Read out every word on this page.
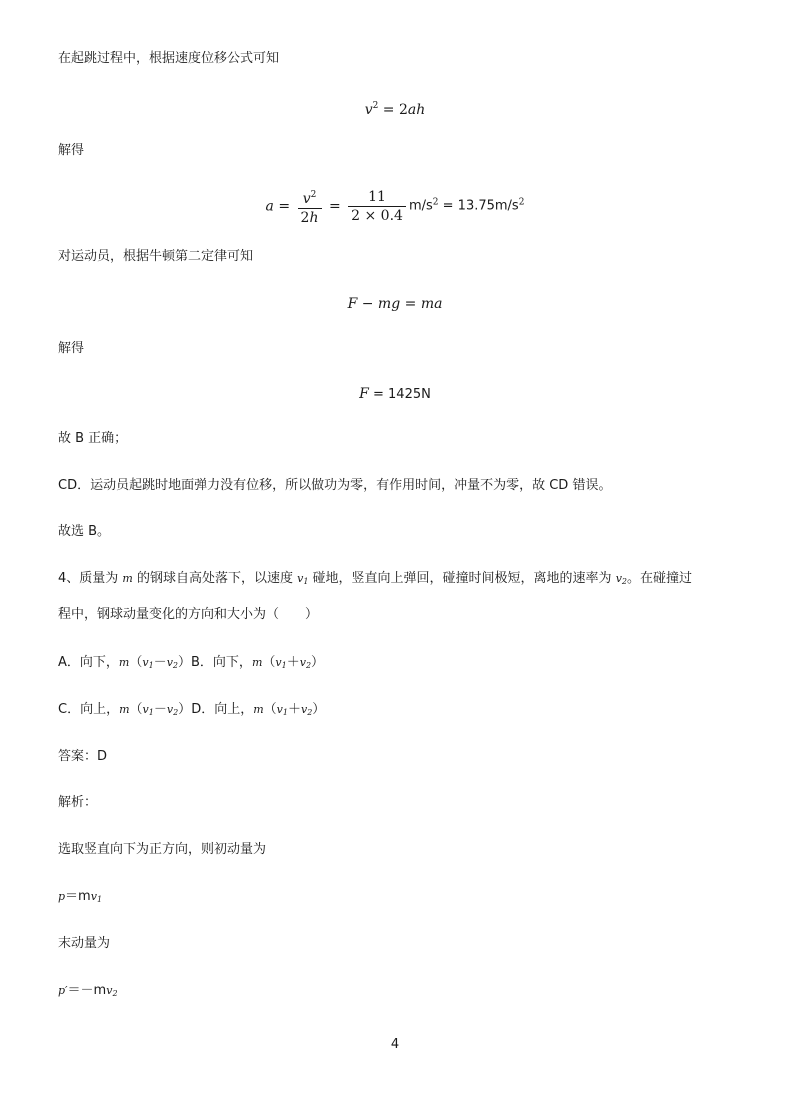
在起跳过程中，根据速度位移公式可知
$v^2 = 2ah$
解得
$a = \frac{v^2}{2h} = \frac{11}{2 \times 0.4} m/s^2 = 13.75m/s^2$
对运动员，根据牛顿第二定律可知
F − mg = ma
解得
F = 1425N
故 B 正确；
CD．运动员起跳时地面弹力没有位移，所以做功为零，有作用时间，冲量不为零，故 CD 错误。
故选 B。
4、质量为 m 的钢球自高处落下，以速度 $v_1$ 碰地，竖直向上弹回，碰撞时间极短，离地的速率为 $v_2$。在碰撞过
程中，钢球动量变化的方向和大小为（　　）
A．向下，$m(v_1-v_2)B$．向下，$m(v_1+v_2)$
C．向上，$m(v_1-v_2)D$．向上，$m(v_1+v_2)$
答案：D
解析：
选取竖直向下为正方向，则初动量为
$p=mv_1$
末动量为
$p'=-mv_2$
4
